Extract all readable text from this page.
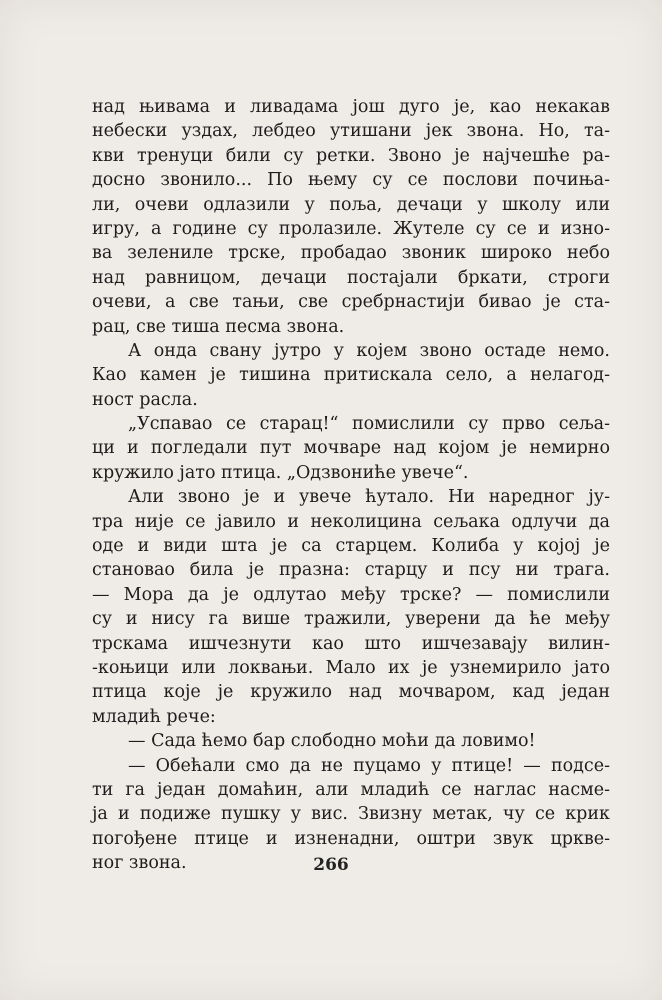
над њивама и ливадама још дуго је, као некакав
небески уздах, лебдео утишани јек звона. Но, та-
кви тренуци били су ретки. Звоно је најчешће ра-
досно звонило... По њему су се послови почиња-
ли, очеви одлазили у поља, дечаци у школу или
игру, а године су пролазиле. Жутеле су се и изно-
ва зелениле трске, пробадао звоник широко небо
над равницом, дечаци постајали бркати, строги
очеви, а све тањи, све сребрнастији бивао је ста-
рац, све тиша песма звона.
А онда свану јутро у којем звоно остаде немо.
Као камен је тишина притискала село, а нелагод-
ност расла.
„Успавао се старац!“ помислили су прво сеља-
ци и погледали пут мочваре над којом је немирно
кружило јато птица. „Одзвониће увече“.
Али звоно је и увече ћутало. Ни наредног ју-
тра није се јавило и неколицина сељака одлучи да
оде и види шта је са старцем. Колиба у којој је
становао била је празна: старцу и псу ни трага.
— Мора да је одлутао међу трске? — помислили
су и нису га више тражили, уверени да ће међу
трскама ишчезнути као што ишчезавају вилин-
-коњици или локвањи. Мало их је узнемирило јато
птица које је кружило над мочваром, кад један
младић рече:
— Сада ћемо бар слободно моћи да ловимо!
— Обећали смо да не пуцамо у птице! — подсе-
ти га један домаћин, али младић се наглас насме-
ја и подиже пушку у вис. Звизну метак, чу се крик
погођене птице и изненадни, оштри звук цркве-
ног звона.	266
